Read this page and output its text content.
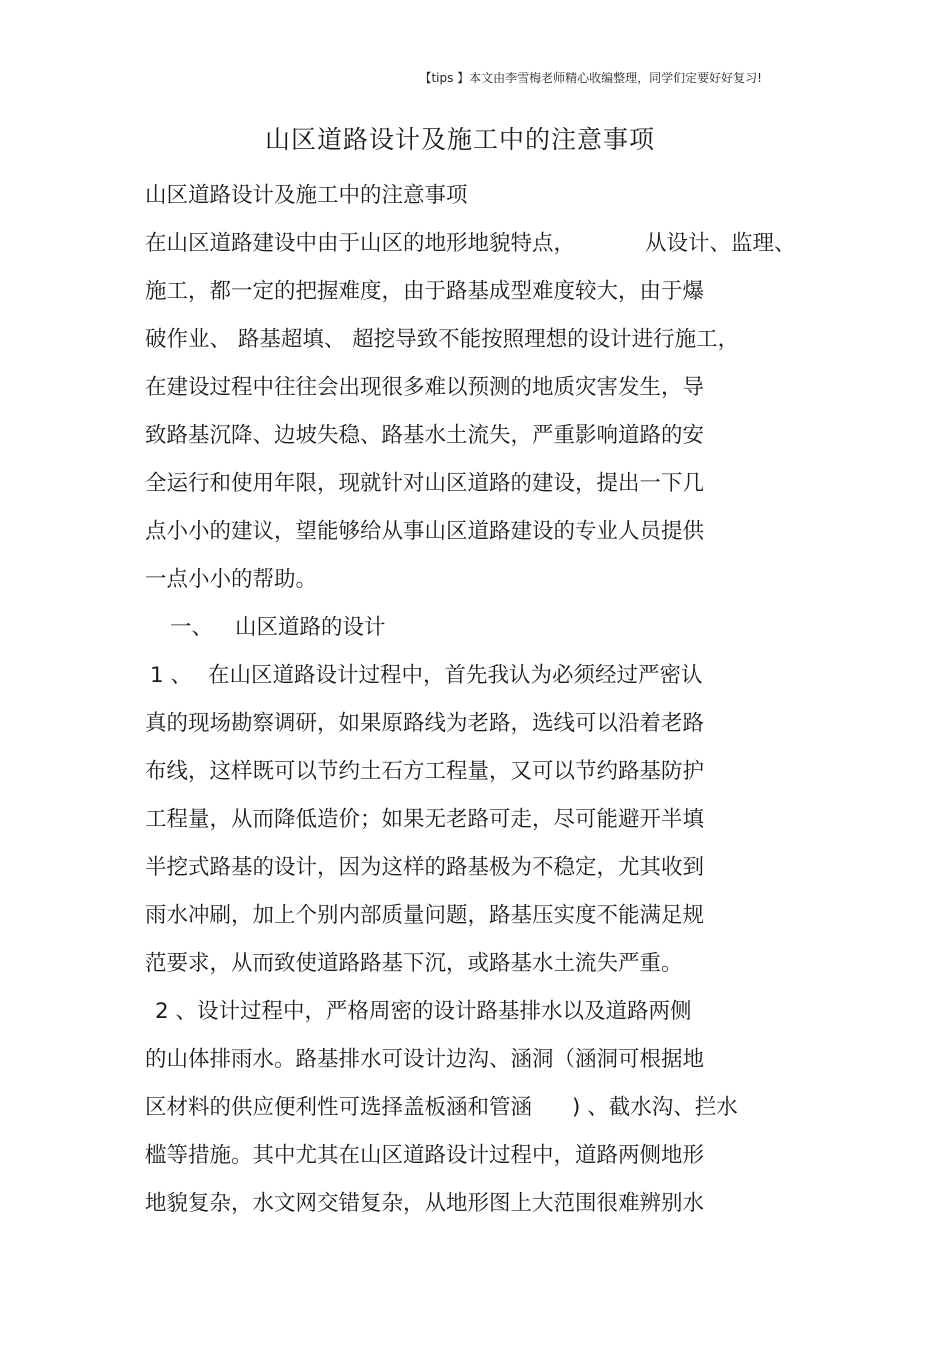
【tips 】本文由李雪梅老师精心收编整理，同学们定要好好复习!
山区道路设计及施工中的注意事项
山区道路设计及施工中的注意事项
在山区道路建设中由于山区的地形地貌特点，	从设计、监理、
施工，都一定的把握难度，由于路基成型难度较大，由于爆
破作业、 路基超填、 超挖导致不能按照理想的设计进行施工，
在建设过程中往往会出现很多难以预测的地质灾害发生，导
致路基沉降、边坡失稳、路基水土流失，严重影响道路的安
全运行和使用年限，现就针对山区道路的建设，提出一下几
点小小的建议，望能够给从事山区道路建设的专业人员提供
一点小小的帮助。
一、 山区道路的设计
1 、 在山区道路设计过程中，首先我认为必须经过严密认
真的现场勘察调研，如果原路线为老路，选线可以沿着老路
布线，这样既可以节约土石方工程量，又可以节约路基防护
工程量，从而降低造价；如果无老路可走，尽可能避开半填
半挖式路基的设计，因为这样的路基极为不稳定，尤其收到
雨水冲刷，加上个别内部质量问题，路基压实度不能满足规
范要求，从而致使道路路基下沉，或路基水土流失严重。
2 、设计过程中，严格周密的设计路基排水以及道路两侧
的山体排雨水。路基排水可设计边沟、涵洞（涵洞可根据地
区材料的供应便利性可选择盖板涵和管涵 ) 、截水沟、拦水
槛等措施。其中尤其在山区道路设计过程中，道路两侧地形
地貌复杂，水文网交错复杂，从地形图上大范围很难辨别水
